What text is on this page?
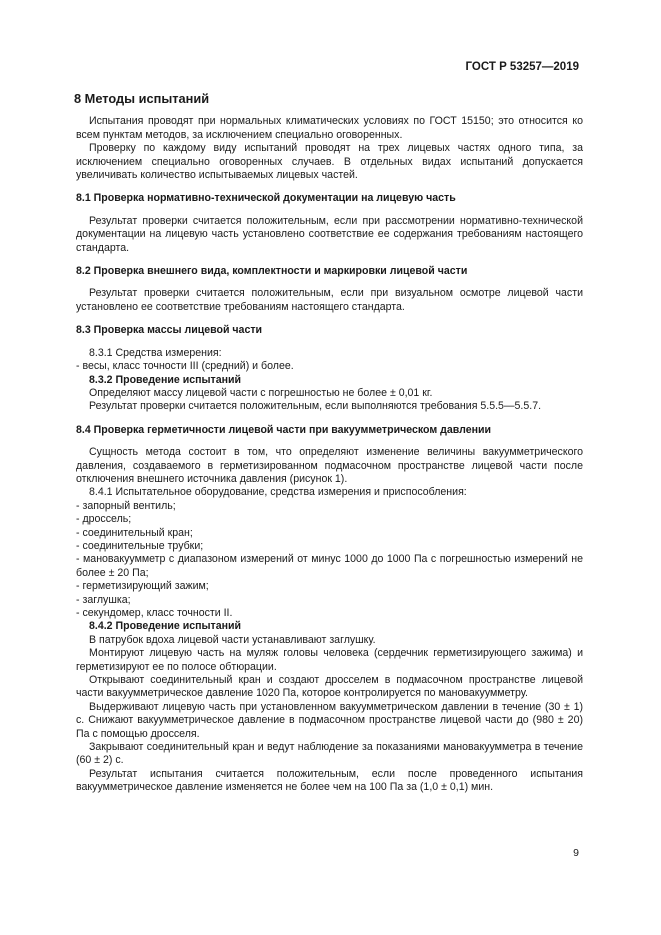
ГОСТ Р 53257—2019
8 Методы испытаний

Испытания проводят при нормальных климатических условиях по ГОСТ 15150; это относится ко всем пунктам методов, за исключением специально оговоренных.

Проверку по каждому виду испытаний проводят на трех лицевых частях одного типа, за исключением специально оговоренных случаев. В отдельных видах испытаний допускается увеличивать количество испытываемых лицевых частей.

8.1 Проверка нормативно-технической документации на лицевую часть

Результат проверки считается положительным, если при рассмотрении нормативно-технической документации на лицевую часть установлено соответствие ее содержания требованиям настоящего стандарта.

8.2 Проверка внешнего вида, комплектности и маркировки лицевой части

Результат проверки считается положительным, если при визуальном осмотре лицевой части установлено ее соответствие требованиям настоящего стандарта.

8.3 Проверка массы лицевой части

8.3.1 Средства измерения:

- весы, класс точности III (средний) и более.

8.3.2 Проведение испытаний

Определяют массу лицевой части с погрешностью не более ± 0,01 кг.

Результат проверки считается положительным, если выполняются требования 5.5.5—5.5.7.

8.4 Проверка герметичности лицевой части при вакуумметрическом давлении

Сущность метода состоит в том, что определяют изменение величины вакуумметрического давления, создаваемого в герметизированном подмасочном пространстве лицевой части после отключения внешнего источника давления (рисунок 1).

8.4.1 Испытательное оборудование, средства измерения и приспособления:

- запорный вентиль;

- дроссель;

- соединительный кран;

- соединительные трубки;

- мановакуумметр с диапазоном измерений от минус 1000 до 1000 Па с погрешностью измерений не более ± 20 Па;

- герметизирующий зажим;

- заглушка;

- секундомер, класс точности II.

8.4.2 Проведение испытаний

В патрубок вдоха лицевой части устанавливают заглушку.

Монтируют лицевую часть на муляж головы человека (сердечник герметизирующего зажима) и герметизируют ее по полосе обтюрации.

Открывают соединительный кран и создают дросселем в подмасочном пространстве лицевой части вакуумметрическое давление 1020 Па, которое контролируется по мановакуумметру.

Выдерживают лицевую часть при установленном вакуумметрическом давлении в течение (30 ± 1) с. Снижают вакуумметрическое давление в подмасочном пространстве лицевой части до (980 ± 20) Па с помощью дросселя.

Закрывают соединительный кран и ведут наблюдение за показаниями мановакуумметра в течение (60 ± 2) с.

Результат испытания считается положительным, если после проведенного испытания вакуумметрическое давление изменяется не более чем на 100 Па за (1,0 ± 0,1) мин.

9
